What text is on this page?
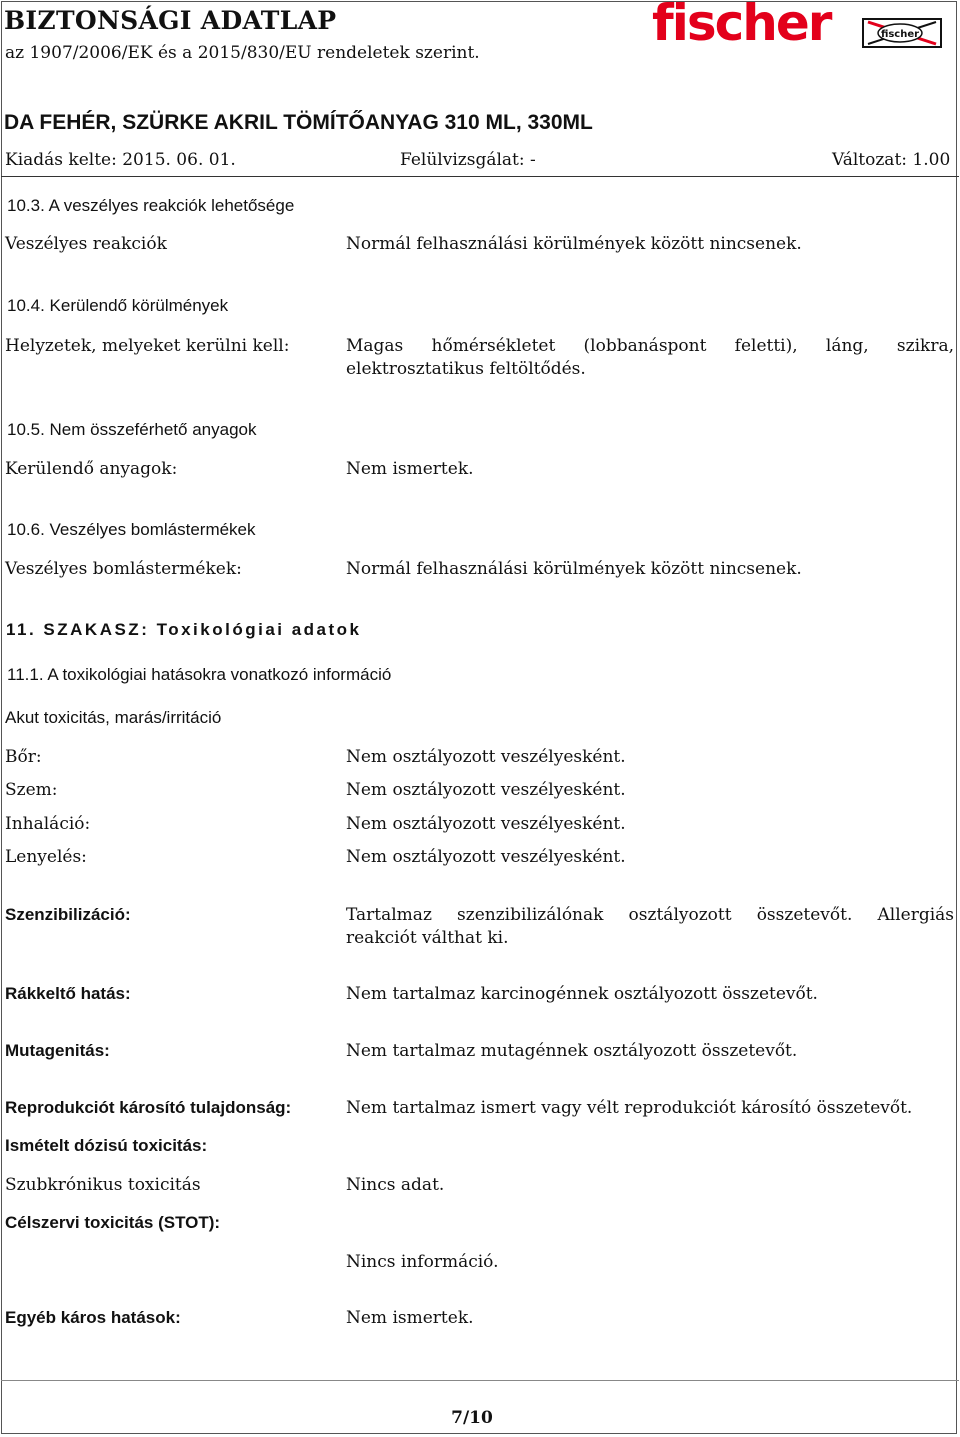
BIZTONSÁGI ADATLAP
az 1907/2006/EK és a 2015/830/EU rendeletek szerint.
fischer	fischer
DA FEHÉR, SZÜRKE AKRIL TÖMÍTŐANYAG 310 ML, 330ML
Kiadás kelte: 2015. 06. 01.	Felülvizsgálat: -	Változat: 1.00
10.3. A veszélyes reakciók lehetősége
Veszélyes reakciók	Normál felhasználási körülmények között nincsenek.
10.4. Kerülendő körülmények
Helyzetek, melyeket kerülni kell:	Magas hőmérsékletet (lobbanáspont feletti), láng, szikra,
elektrosztatikus feltöltődés.
10.5. Nem összeférhető anyagok
Kerülendő anyagok:	Nem ismertek.
10.6. Veszélyes bomlástermékek
Veszélyes bomlástermékek:	Normál felhasználási körülmények között nincsenek.
11. SZAKASZ: Toxikológiai adatok
11.1. A toxikológiai hatásokra vonatkozó információ
Akut toxicitás, marás/irritáció
Bőr:	Nem osztályozott veszélyesként.
Szem:	Nem osztályozott veszélyesként.
Inhaláció:	Nem osztályozott veszélyesként.
Lenyelés:	Nem osztályozott veszélyesként.
Szenzibilizáció:	Tartalmaz szenzibilizálónak osztályozott összetevőt. Allergiás
reakciót válthat ki.
Rákkeltő hatás:	Nem tartalmaz karcinogénnek osztályozott összetevőt.
Mutagenitás:	Nem tartalmaz mutagénnek osztályozott összetevőt.
Reprodukciót károsító tulajdonság:	Nem tartalmaz ismert vagy vélt reprodukciót károsító összetevőt.
Ismételt dózisú toxicitás:
Szubkrónikus toxicitás	Nincs adat.
Célszervi toxicitás (STOT):
Nincs információ.
Egyéb káros hatások:	Nem ismertek.
7/10
